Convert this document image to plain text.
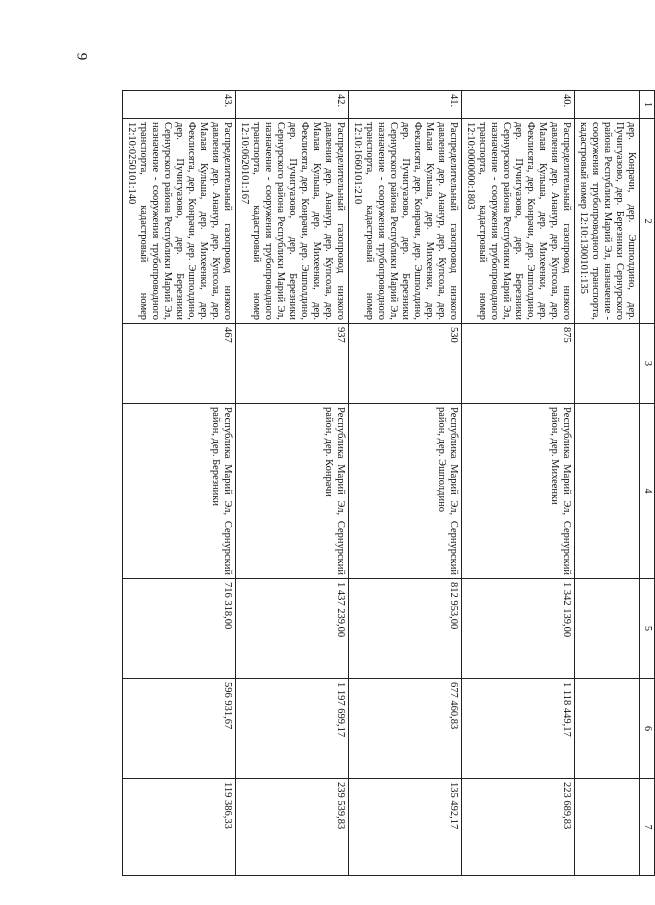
9
1	2	3	4	5	6	7
	дер. Конрачи, дер. Эшполдино, дер. Пучигуазово, дер. Березники Сернурского района Республики Марий Эл, назначение - сооружения трубопроводного транспорта, кадастровый номер 12:10:1300101:135					
40.	Распределительный газопровод низкого давления дер. Ананур, дер. Купсола, дер. Малая Кульша, дер. Михеенки, дер. Феклисята, дер. Конрачи, дер. Эшполдино, дер. Пучигуазово, дер. Березники Сернурского района Республики Марий Эл, назначение - сооружения трубопроводного транспорта, кадастровый номер 12:10:0000000:1803	875	Республика Марий Эл, Сернурский район, дер. Михеенки	1 342 139,00	1 118 449,17	223 689,83
41.	Распределительный газопровод низкого давления дер. Ананур, дер. Купсола, дер. Малая Кульша, дер. Михеенки, дер. Феклисята, дер. Конрачи, дер. Эшполдино, дер. Пучигуазово, дер. Березники Сернурского района Республики Марий Эл, назначение - сооружения трубопроводного транспорта, кадастровый номер 12:10:1660101:210	530	Республика Марий Эл, Сернурский район, дер. Эшполдино	812 953,00	677 460,83	135 492,17
42.	Распределительный газопровод низкого давления дер. Ананур, дер. Купсола, дер. Малая Кульша, дер. Михеенки, дер. Феклисята, дер. Конрачи, дер. Эшполдино, дер. Пучигуазово, дер. Березники Сернурского района Республики Марий Эл, назначение - сооружения трубопроводного транспорта, кадастровый номер 12:10:0620101:167	937	Республика Марий Эл, Сернурский район, дер. Конрачи	1 437 239,00	1 197 699,17	239 539,83
43.	Распределительный газопровод низкого давления дер. Ананур, дер. Купсола, дер. Малая Кульша, дер. Михеенки, дер. Феклисята, дер. Конрачи, дер. Эшполдино, дер. Пучигуазово, дер. Березники Сернурского района Республики Марий Эл, назначение - сооружения трубопроводного транспорта, кадастровый номер 12:10:0250101:140	467	Республика Марий Эл, Сернурский район, дер. Березники	716 318,00	596 931,67	119 386,33
